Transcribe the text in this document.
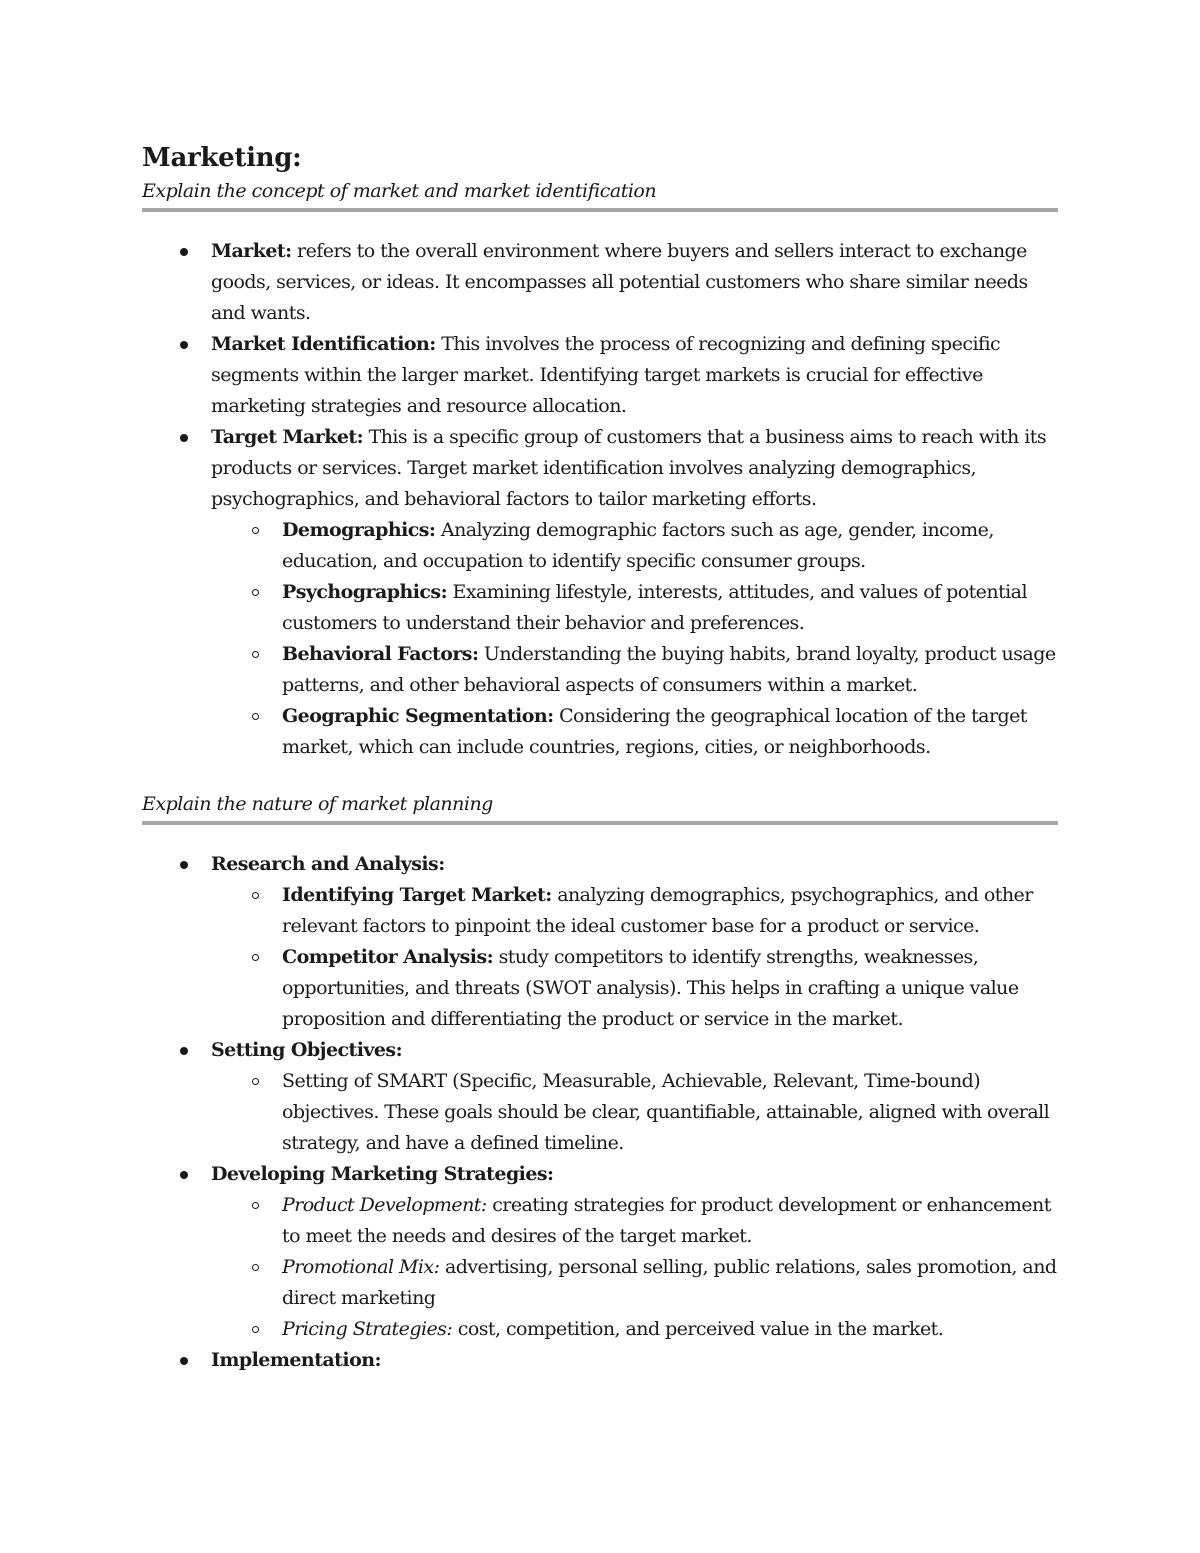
Marketing:

Explain the concept of market and market identification

Market: refers to the overall environment where buyers and sellers interact to exchange goods, services, or ideas. It encompasses all potential customers who share similar needs and wants.
Market Identification: This involves the process of recognizing and defining specific segments within the larger market. Identifying target markets is crucial for effective marketing strategies and resource allocation.
Target Market: This is a specific group of customers that a business aims to reach with its products or services. Target market identification involves analyzing demographics, psychographics, and behavioral factors to tailor marketing efforts.
Demographics: Analyzing demographic factors such as age, gender, income, education, and occupation to identify specific consumer groups.
Psychographics: Examining lifestyle, interests, attitudes, and values of potential customers to understand their behavior and preferences.
Behavioral Factors: Understanding the buying habits, brand loyalty, product usage patterns, and other behavioral aspects of consumers within a market.
Geographic Segmentation: Considering the geographical location of the target market, which can include countries, regions, cities, or neighborhoods.

Explain the nature of market planning

Research and Analysis:
Identifying Target Market: analyzing demographics, psychographics, and other relevant factors to pinpoint the ideal customer base for a product or service.
Competitor Analysis: study competitors to identify strengths, weaknesses, opportunities, and threats (SWOT analysis). This helps in crafting a unique value proposition and differentiating the product or service in the market.
Setting Objectives:
Setting of SMART (Specific, Measurable, Achievable, Relevant, Time-bound) objectives. These goals should be clear, quantifiable, attainable, aligned with overall strategy, and have a defined timeline.
Developing Marketing Strategies:
Product Development: creating strategies for product development or enhancement to meet the needs and desires of the target market.
Promotional Mix: advertising, personal selling, public relations, sales promotion, and direct marketing
Pricing Strategies: cost, competition, and perceived value in the market.
Implementation:
